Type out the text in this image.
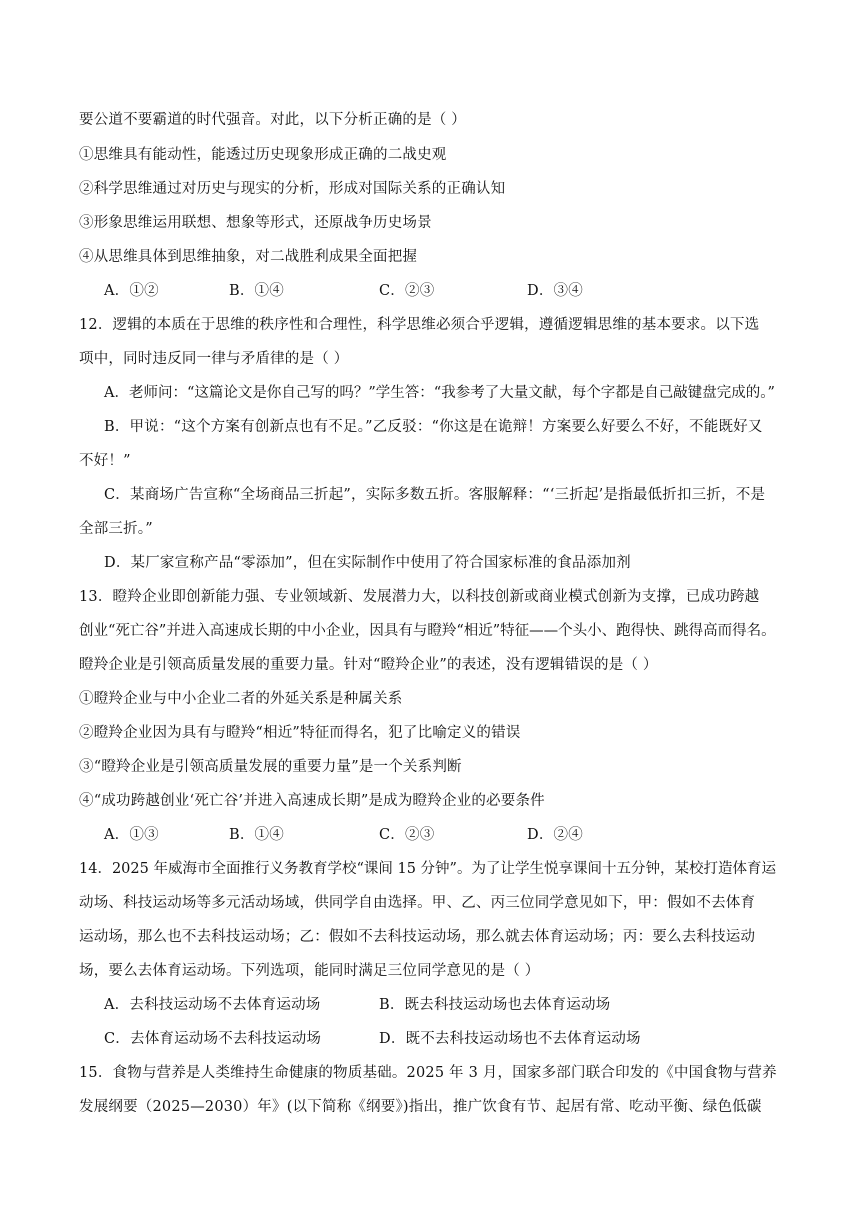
要公道不要霸道的时代强音。对此，以下分析正确的是（ ）
①思维具有能动性，能透过历史现象形成正确的二战史观
②科学思维通过对历史与现实的分析，形成对国际关系的正确认知
③形象思维运用联想、想象等形式，还原战争历史场景
④从思维具体到思维抽象，对二战胜利成果全面把握
A．①②	B．①④	C．②③	D．③④
12．逻辑的本质在于思维的秩序性和合理性，科学思维必须合乎逻辑，遵循逻辑思维的基本要求。以下选
项中，同时违反同一律与矛盾律的是（ ）
A．老师问：“这篇论文是你自己写的吗？”学生答：“我参考了大量文献，每个字都是自己敲键盘完成的。”
B．甲说：“这个方案有创新点也有不足。”乙反驳：“你这是在诡辩！方案要么好要么不好，不能既好又
不好！”
C．某商场广告宣称“全场商品三折起”，实际多数五折。客服解释：“‘三折起’是指最低折扣三折，不是
全部三折。”
D．某厂家宣称产品“零添加”，但在实际制作中使用了符合国家标准的食品添加剂
13．瞪羚企业即创新能力强、专业领域新、发展潜力大，以科技创新或商业模式创新为支撑，已成功跨越
创业“死亡谷”并进入高速成长期的中小企业，因具有与瞪羚“相近”特征——个头小、跑得快、跳得高而得名。
瞪羚企业是引领高质量发展的重要力量。针对“瞪羚企业”的表述，没有逻辑错误的是（ ）
①瞪羚企业与中小企业二者的外延关系是种属关系
②瞪羚企业因为具有与瞪羚“相近”特征而得名，犯了比喻定义的错误
③“瞪羚企业是引领高质量发展的重要力量”是一个关系判断
④“成功跨越创业‘死亡谷’并进入高速成长期”是成为瞪羚企业的必要条件
A．①③	B．①④	C．②③	D．②④
14．2025 年威海市全面推行义务教育学校“课间 15 分钟”。为了让学生悦享课间十五分钟，某校打造体育运
动场、科技运动场等多元活动场域，供同学自由选择。甲、乙、丙三位同学意见如下，甲：假如不去体育
运动场，那么也不去科技运动场；乙：假如不去科技运动场，那么就去体育运动场；丙：要么去科技运动
场，要么去体育运动场。下列选项，能同时满足三位同学意见的是（ ）
A．去科技运动场不去体育运动场	B．既去科技运动场也去体育运动场
C．去体育运动场不去科技运动场	D．既不去科技运动场也不去体育运动场
15．食物与营养是人类维持生命健康的物质基础。2025 年 3 月，国家多部门联合印发的《中国食物与营养
发展纲要（2025—2030）年》(以下简称《纲要》)指出，推广饮食有节、起居有常、吃动平衡、绿色低碳
